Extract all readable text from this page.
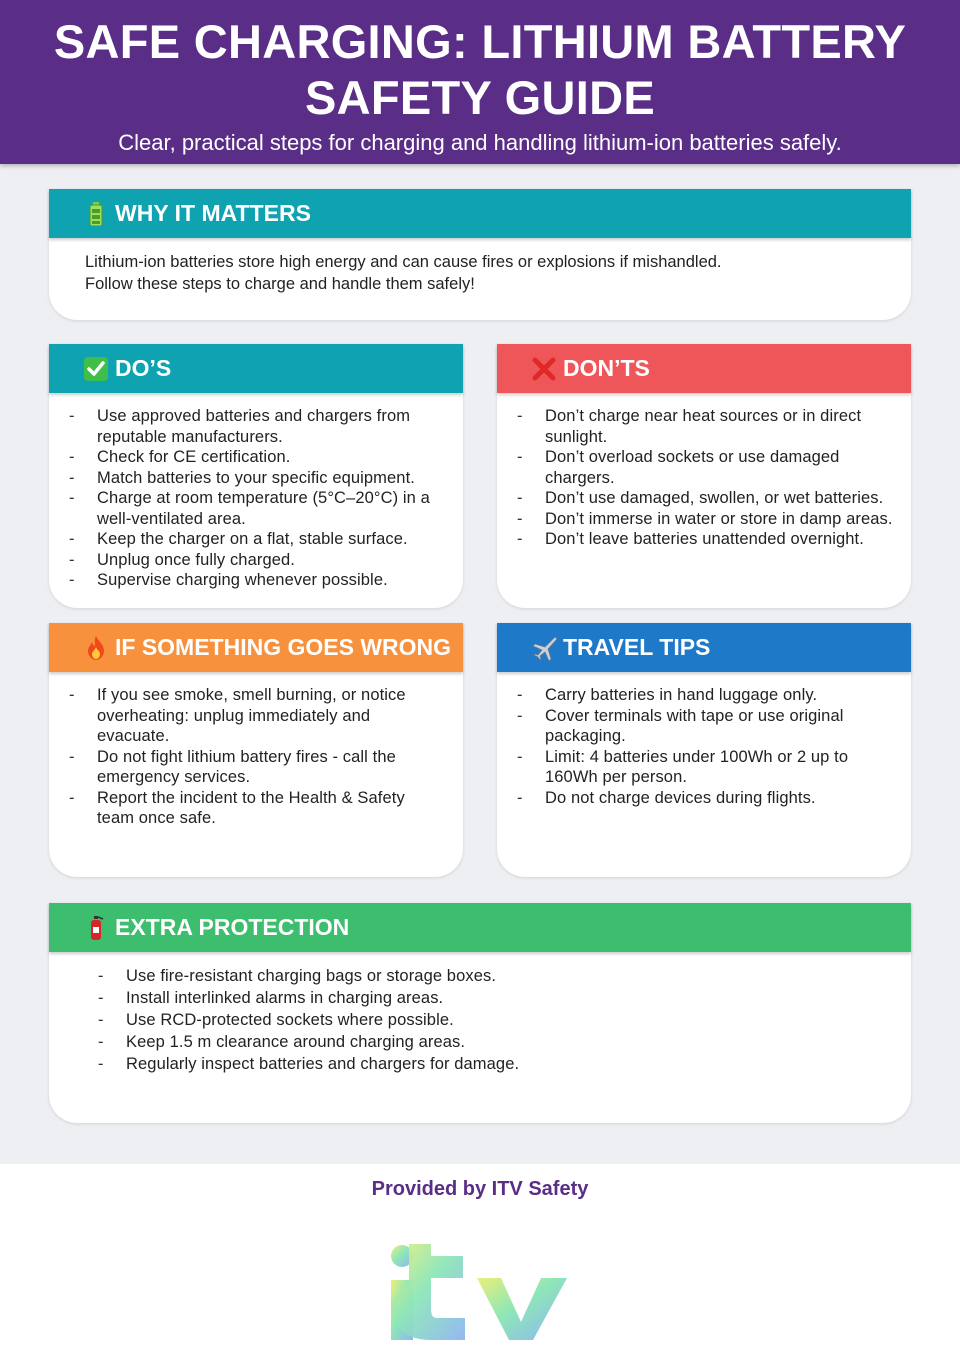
SAFE CHARGING: LITHIUM BATTERY
SAFETY GUIDE
Clear, practical steps for charging and handling lithium-ion batteries safely.
WHY IT MATTERS
Lithium-ion batteries store high energy and can cause fires or explosions if mishandled.
Follow these steps to charge and handle them safely!
DO’S
- Use approved batteries and chargers from reputable manufacturers.
- Check for CE certification.
- Match batteries to your specific equipment.
- Charge at room temperature (5°C–20°C) in a well-ventilated area.
- Keep the charger on a flat, stable surface.
- Unplug once fully charged.
- Supervise charging whenever possible.
DON’TS
- Don’t charge near heat sources or in direct sunlight.
- Don’t overload sockets or use damaged chargers.
- Don’t use damaged, swollen, or wet batteries.
- Don’t immerse in water or store in damp areas.
- Don’t leave batteries unattended overnight.
IF SOMETHING GOES WRONG
- If you see smoke, smell burning, or notice overheating: unplug immediately and evacuate.
- Do not fight lithium battery fires - call the emergency services.
- Report the incident to the Health & Safety team once safe.
TRAVEL TIPS
- Carry batteries in hand luggage only.
- Cover terminals with tape or use original packaging.
- Limit: 4 batteries under 100Wh or 2 up to 160Wh per person.
- Do not charge devices during flights.
EXTRA PROTECTION
- Use fire-resistant charging bags or storage boxes.
- Install interlinked alarms in charging areas.
- Use RCD-protected sockets where possible.
- Keep 1.5 m clearance around charging areas.
- Regularly inspect batteries and chargers for damage.
Provided by ITV Safety
